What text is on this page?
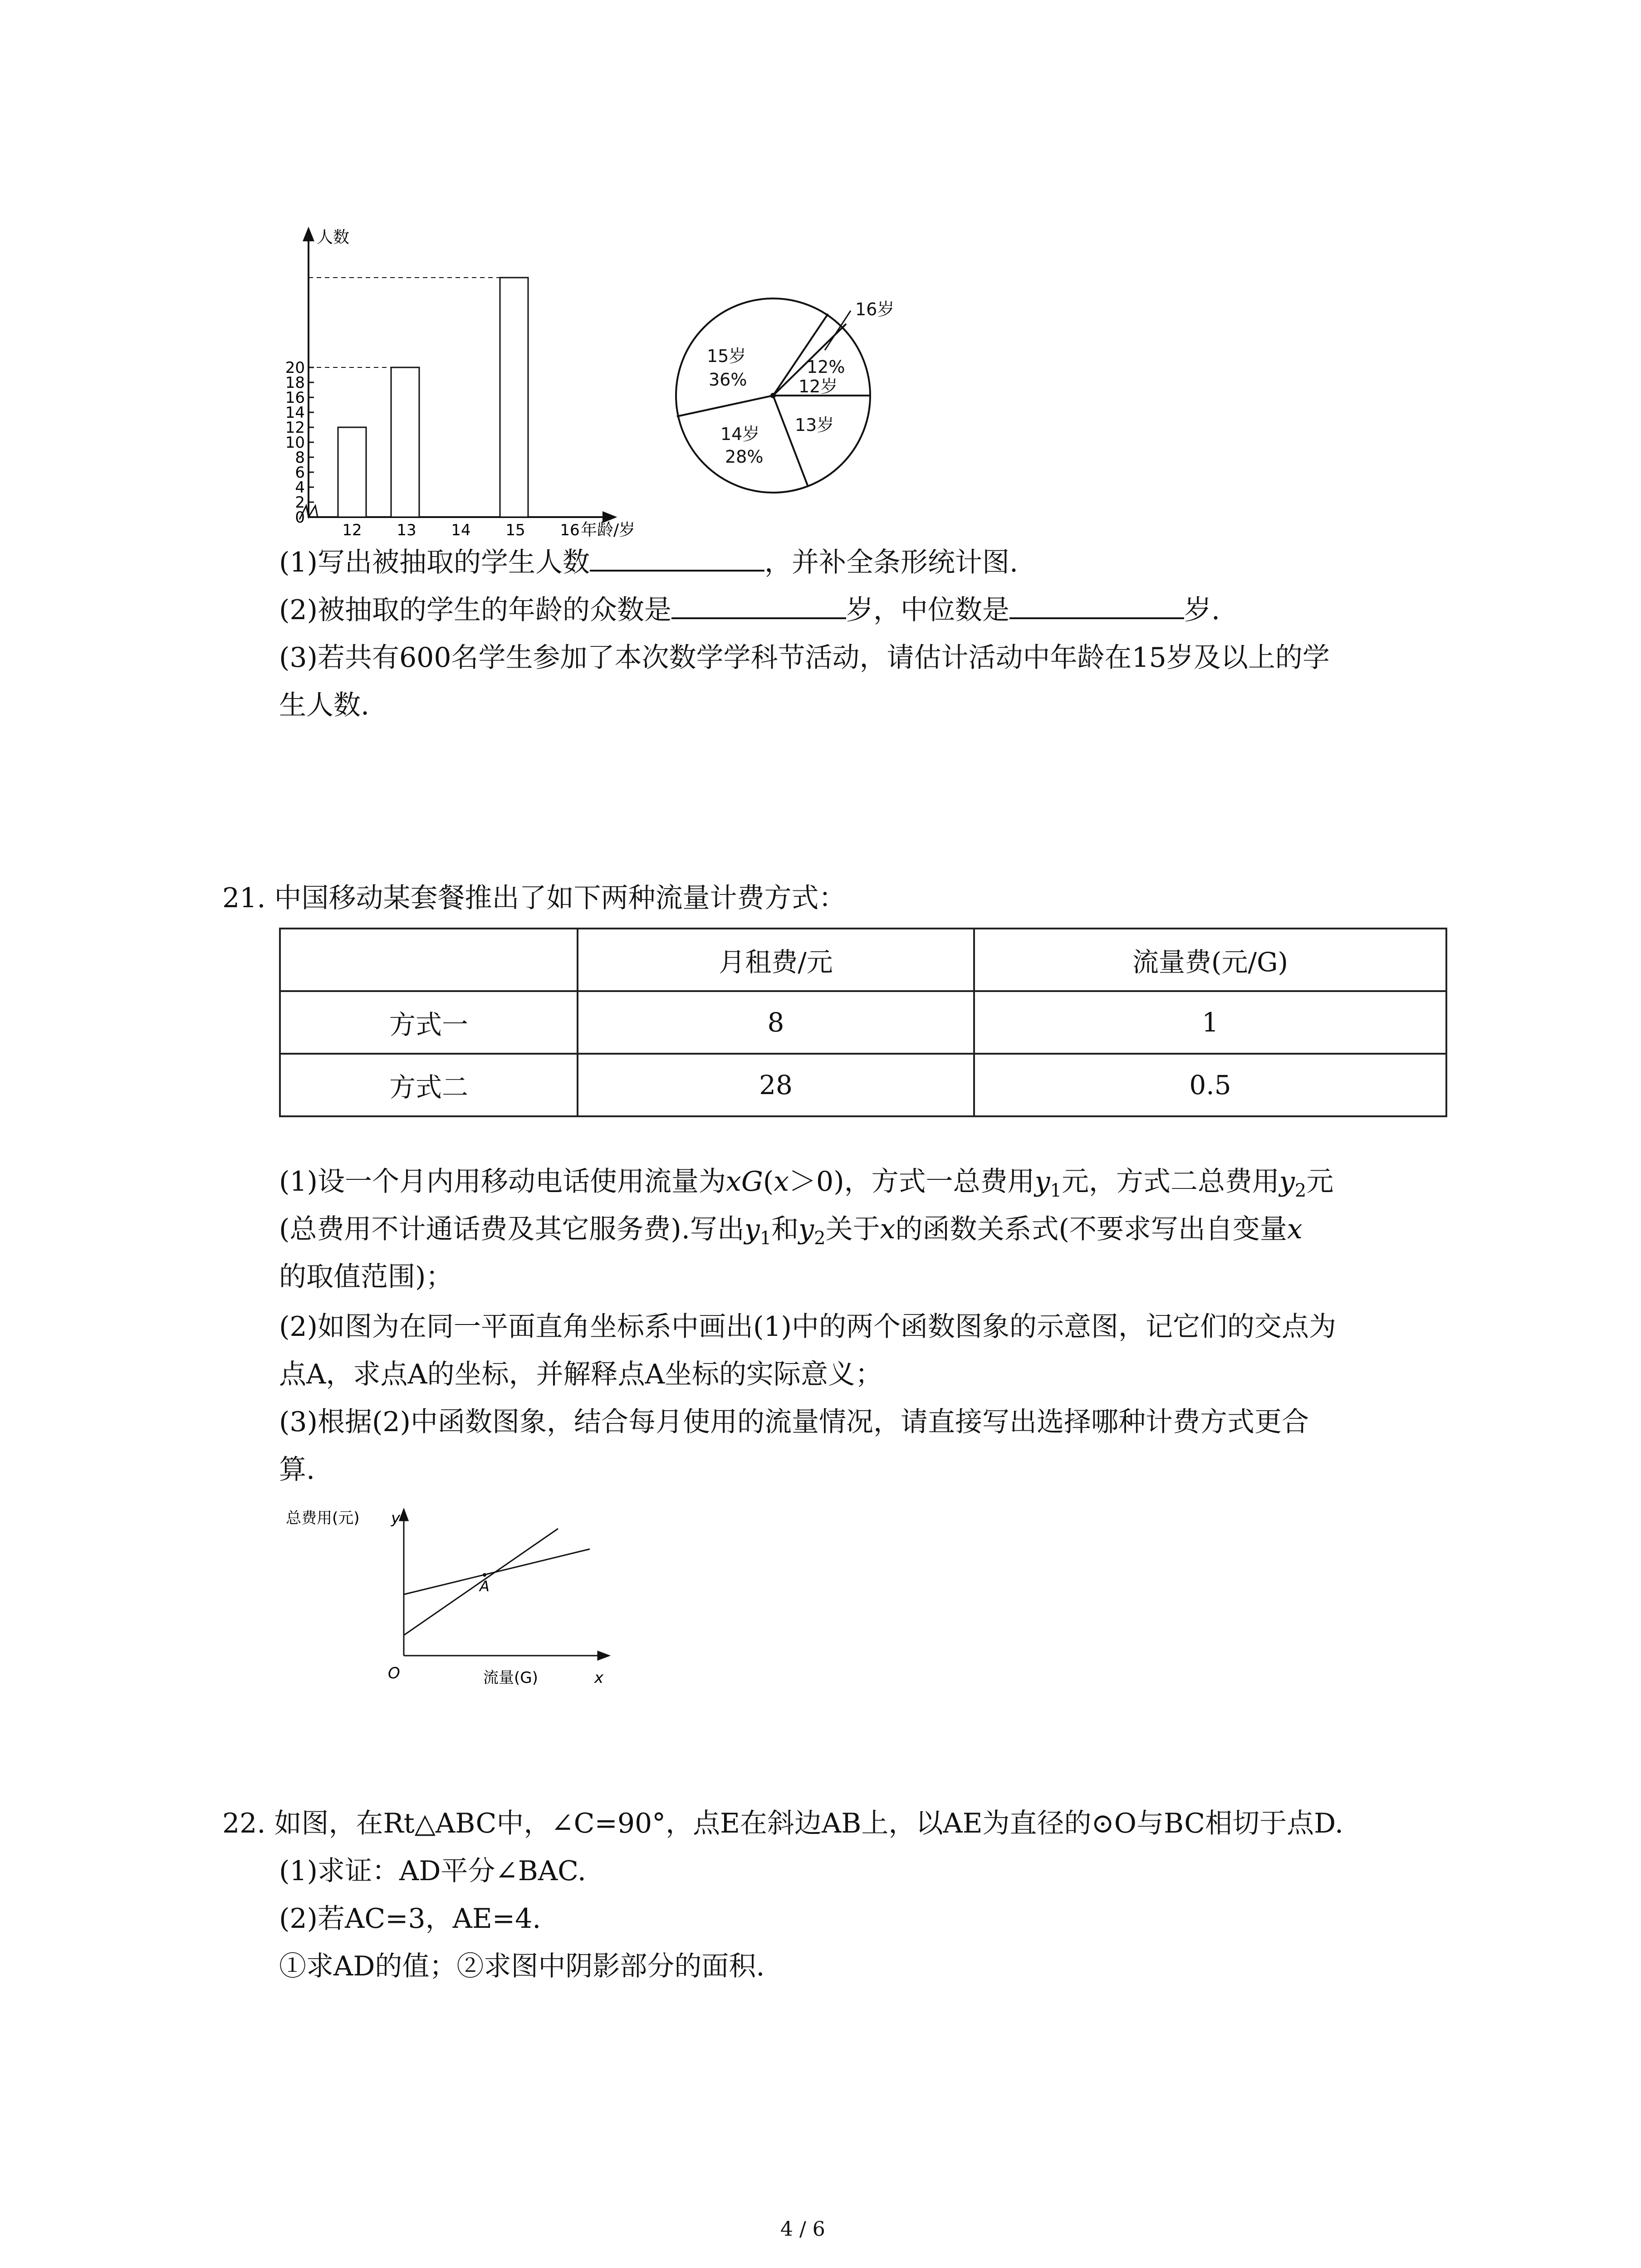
0
2
4
6
8
10
12
14
16
18
20
12 13 14 15 16
人数
年龄/岁
16岁
12%
12岁
13岁
14岁
28%
15岁
36%
(1)写出被抽取的学生人数	，并补全条形统计图.
(2)被抽取的学生的年龄的众数是	岁，中位数是	岁.
(3)若共有600名学生参加了本次数学学科节活动，请估计活动中年龄在15岁及以上的学
生人数.
21. 中国移动某套餐推出了如下两种流量计费方式：
	月租费/元	流量费(元/G)
方式一	8	1
方式二	28	0.5
(1)设一个月内用移动电话使用流量为xG(x＞0)，方式一总费用$y_1$元，方式二总费用$y_2$元
(总费用不计通话费及其它服务费).写出$y_1$和$y_2$关于x的函数关系式(不要求写出自变量x
的取值范围)；
(2)如图为在同一平面直角坐标系中画出(1)中的两个函数图象的示意图，记它们的交点为
点A，求点A的坐标，并解释点A坐标的实际意义；
(3)根据(2)中函数图象，结合每月使用的流量情况，请直接写出选择哪种计费方式更合
算.
总费用(元) y
流量(G)	x
O
A
22. 如图，在Rt△ABC中，∠C=90°，点E在斜边AB上，以AE为直径的⊙O与BC相切于点D.
(1)求证：AD平分∠BAC.
(2)若AC=3，AE=4.
①求AD的值；②求图中阴影部分的面积.
4 / 6
